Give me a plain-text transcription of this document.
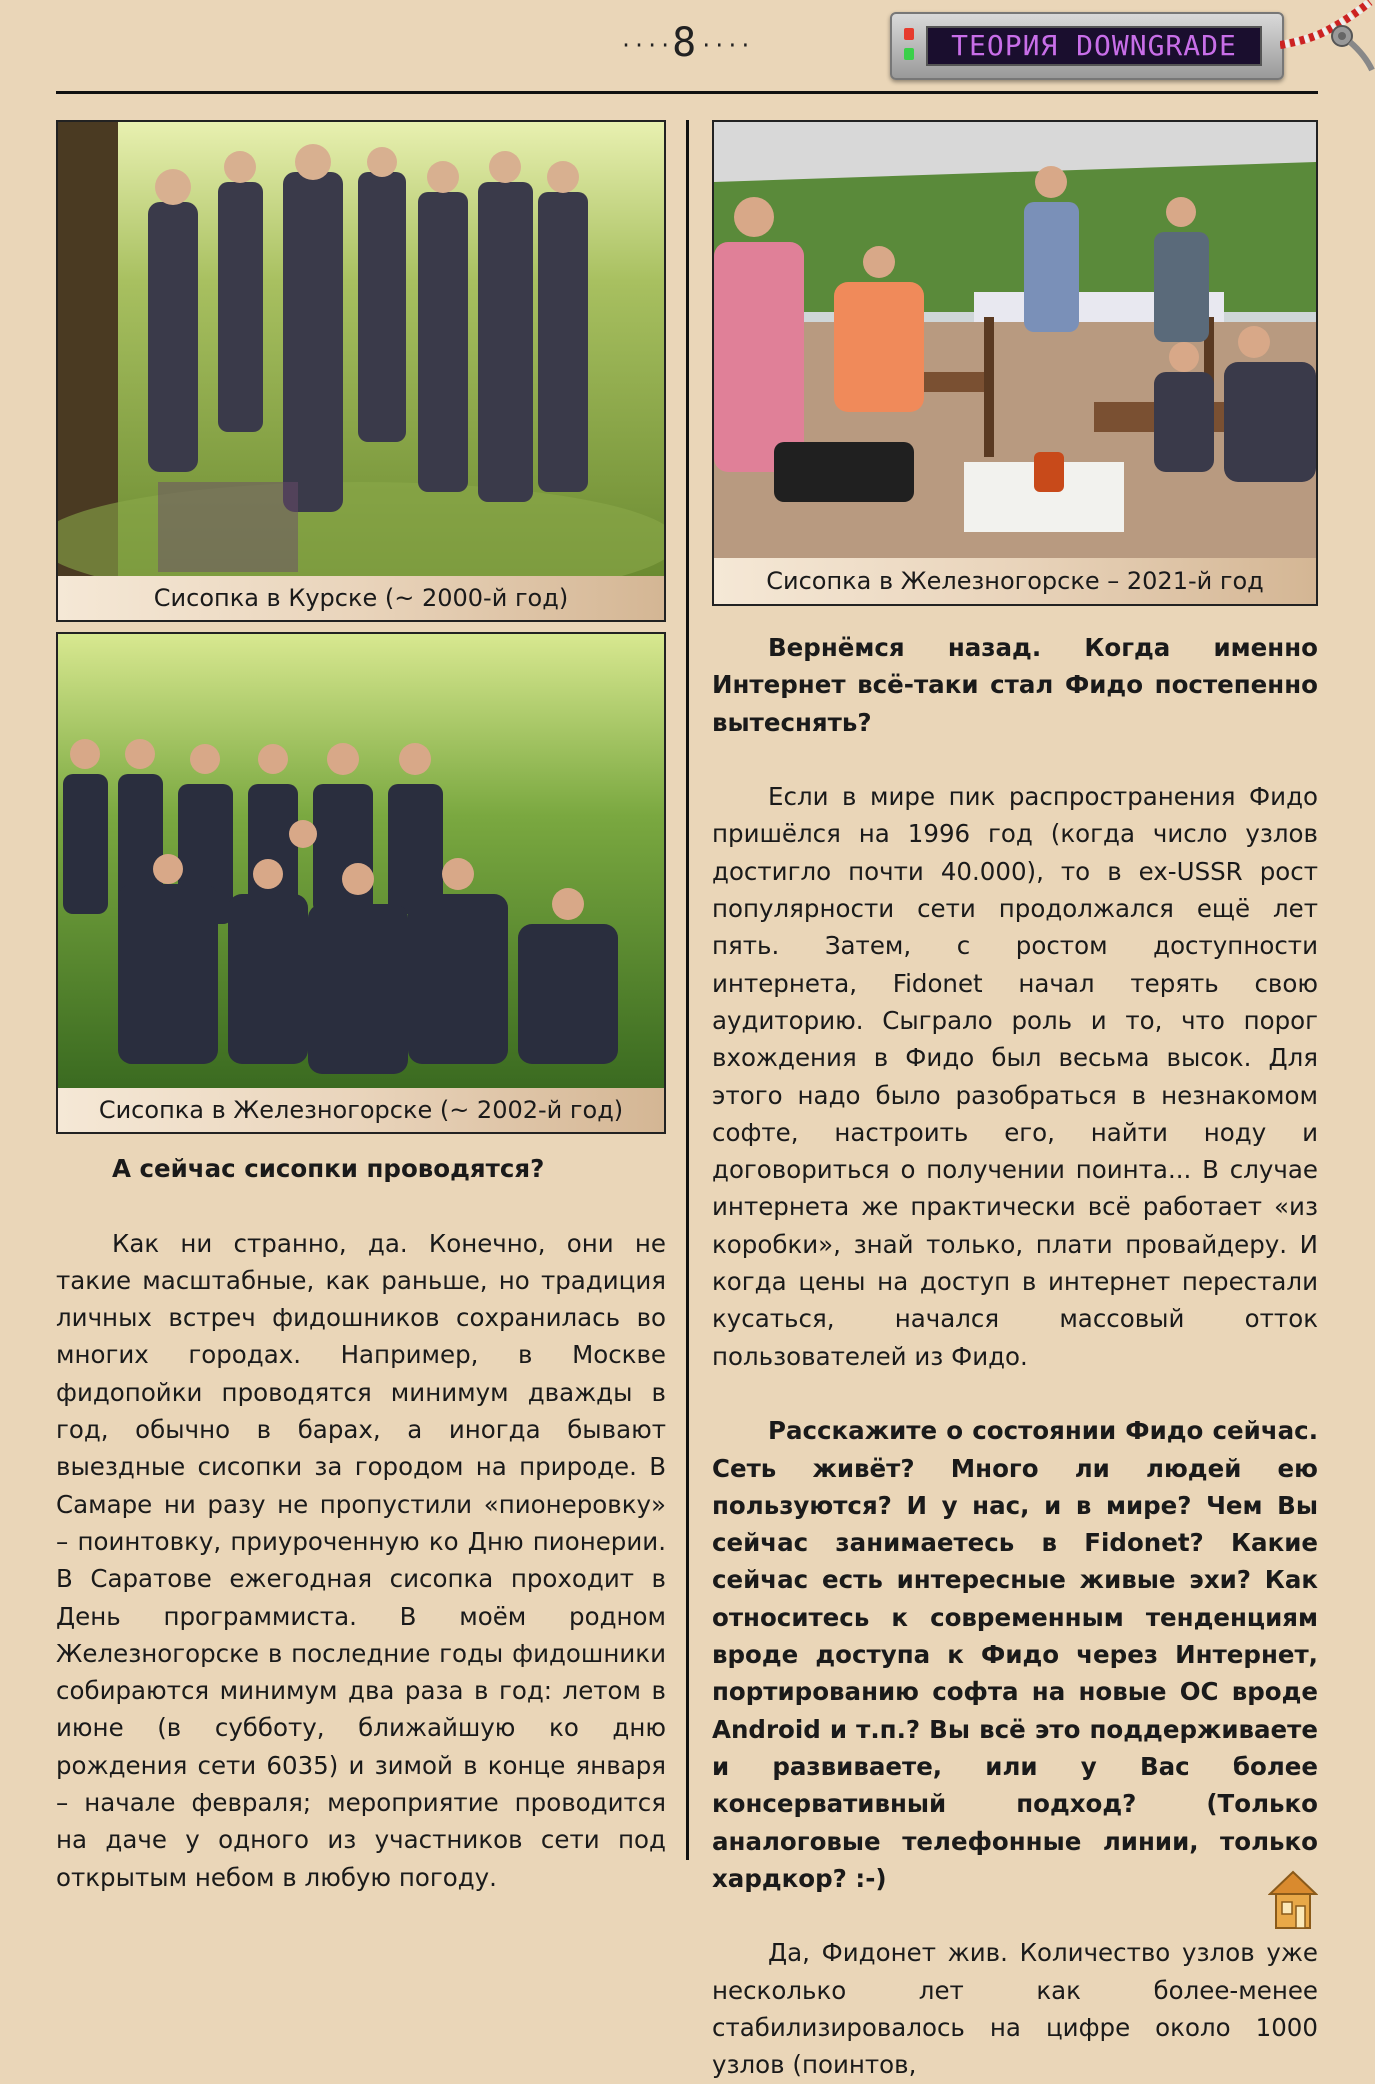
····8····	ТЕОРИЯ DOWNGRADE
Сисопка в Курске (~ 2000-й год)
Сисопка в Железногорске (~ 2002-й год)
Сисопка в Железногорске – 2021-й год

А сейчас сисопки проводятся?

Как ни странно, да. Конечно, они не такие масштабные, как раньше, но традиция личных встреч фидошников сохранилась во многих городах. Например, в Москве фидопойки проводятся минимум дважды в год, обычно в барах, а иногда бывают выездные сисопки за городом на природе. В Самаре ни разу не пропустили «пионеровку» – поинтовку, приуроченную ко Дню пионерии. В Саратове ежегодная сисопка проходит в День программиста. В моём родном Железногорске в последние годы фидошники собираются минимум два раза в год: летом в июне (в субботу, ближайшую ко дню рождения сети 6035) и зимой в конце января – начале февраля; мероприятие проводится на даче у одного из участников сети под открытым небом в любую погоду.

Вернёмся назад. Когда именно Интернет всё-таки стал Фидо постепенно вытеснять?

Если в мире пик распространения Фидо пришёлся на 1996 год (когда число узлов достигло почти 40.000), то в ex-USSR рост популярности сети продолжался ещё лет пять. Затем, с ростом доступности интернета, Fidonet начал терять свою аудиторию. Сыграло роль и то, что порог вхождения в Фидо был весьма высок. Для этого надо было разобраться в незнакомом софте, настроить его, найти ноду и договориться о получении поинта... В случае интернета же практически всё работает «из коробки», знай только, плати провайдеру. И когда цены на доступ в интернет перестали кусаться, начался массовый отток пользователей из Фидо.

Расскажите о состоянии Фидо сейчас. Сеть живёт? Много ли людей ею пользуются? И у нас, и в мире? Чем Вы сейчас занимаетесь в Fidonet? Какие сейчас есть интересные живые эхи? Как относитесь к современным тенденциям вроде доступа к Фидо через Интернет, портированию софта на новые ОС вроде Android и т.п.? Вы всё это поддерживаете и развиваете, или у Вас более консервативный подход? (Только аналоговые телефонные линии, только хардкор? :-)

Да, Фидонет жив. Количество узлов уже несколько лет как более-менее стабилизировалось на цифре около 1000 узлов (поинтов,
